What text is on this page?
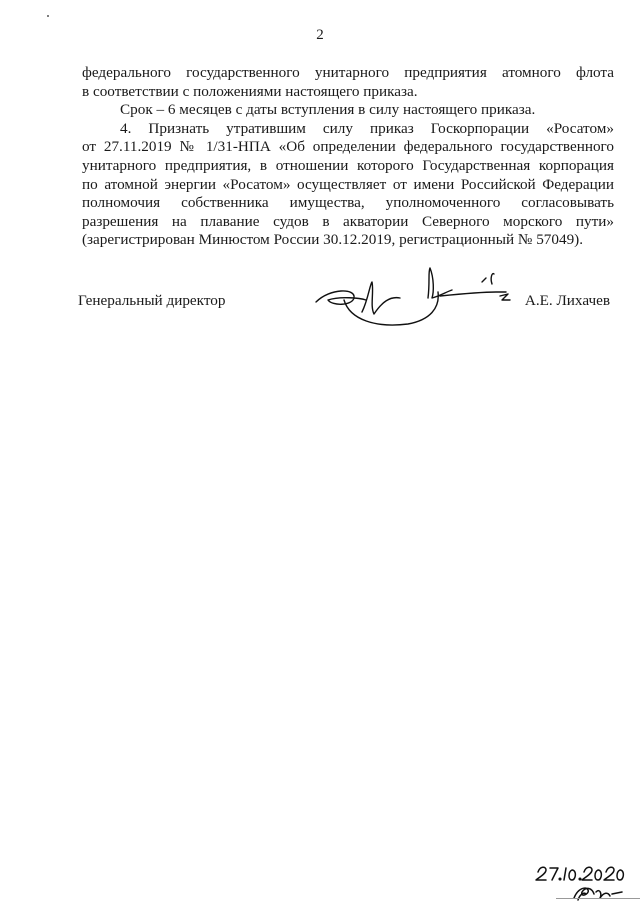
2

федерального государственного унитарного предприятия атомного флота
в соответствии с положениями настоящего приказа.

Срок – 6 месяцев с даты вступления в силу настоящего приказа.

4. Признать утратившим силу приказ Госкорпорации «Росатом»
от 27.11.2019 № 1/31-НПА «Об определении федерального государственного
унитарного предприятия, в отношении которого Государственная корпорация
по атомной энергии «Росатом» осуществляет от имени Российской Федерации
полномочия собственника имущества, уполномоченного согласовывать
разрешения на плавание судов в акватории Северного морского пути»
(зарегистрирован Минюстом России 30.12.2019, регистрационный № 57049).

Генеральный директор	А.Е. Лихачев
